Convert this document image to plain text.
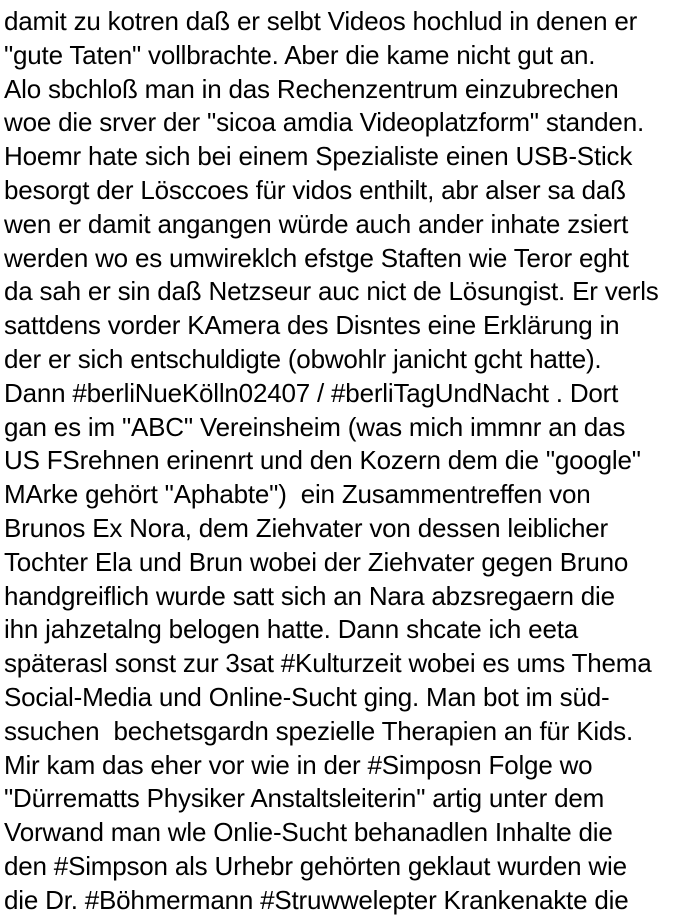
damit zu kotren daß er selbt Videos hochlud in denen er
"gute Taten" vollbrachte. Aber die kame nicht gut an.
Alo sbchloß man in das Rechenzentrum einzubrechen
woe die srver der "sicoa amdia Videoplatzform" standen.
Hoemr hate sich bei einem Spezialiste einen USB-Stick
besorgt der Lösccoes für vidos enthilt, abr alser sa daß
wen er damit angangen würde auch ander inhate zsiert
werden wo es umwireklch efstge Staften wie Teror eght
da sah er sin daß Netzseur auc nict de Lösungist. Er verls
sattdens vorder KAmera des Disntes eine Erklärung in
der er sich entschuldigte (obwohlr janicht gcht hatte).
Dann #berliNueKölln02407 / #berliTagUndNacht . Dort
gan es im "ABC" Vereinsheim (was mich immnr an das
US FSrehnen erinenrt und den Kozern dem die "google"
MArke gehört "Aphabte")  ein Zusammentreffen von
Brunos Ex Nora, dem Ziehvater von dessen leiblicher
Tochter Ela und Brun wobei der Ziehvater gegen Bruno
handgreiflich wurde satt sich an Nara abzsregaern die
ihn jahzetalng belogen hatte. Dann shcate ich eeta
späterasl sonst zur 3sat #Kulturzeit wobei es ums Thema
Social-Media und Online-Sucht ging. Man bot im süd-
ssuchen  bechetsgardn spezielle Therapien an für Kids.
Mir kam das eher vor wie in der #Simposn Folge wo
"Dürrematts Physiker Anstaltsleiterin" artig unter dem
Vorwand man wle Onlie-Sucht behanadlen Inhalte die
den #Simpson als Urhebr gehörten geklaut wurden wie
die Dr. #Böhmermann #Struwwelepter Krankenakte die
